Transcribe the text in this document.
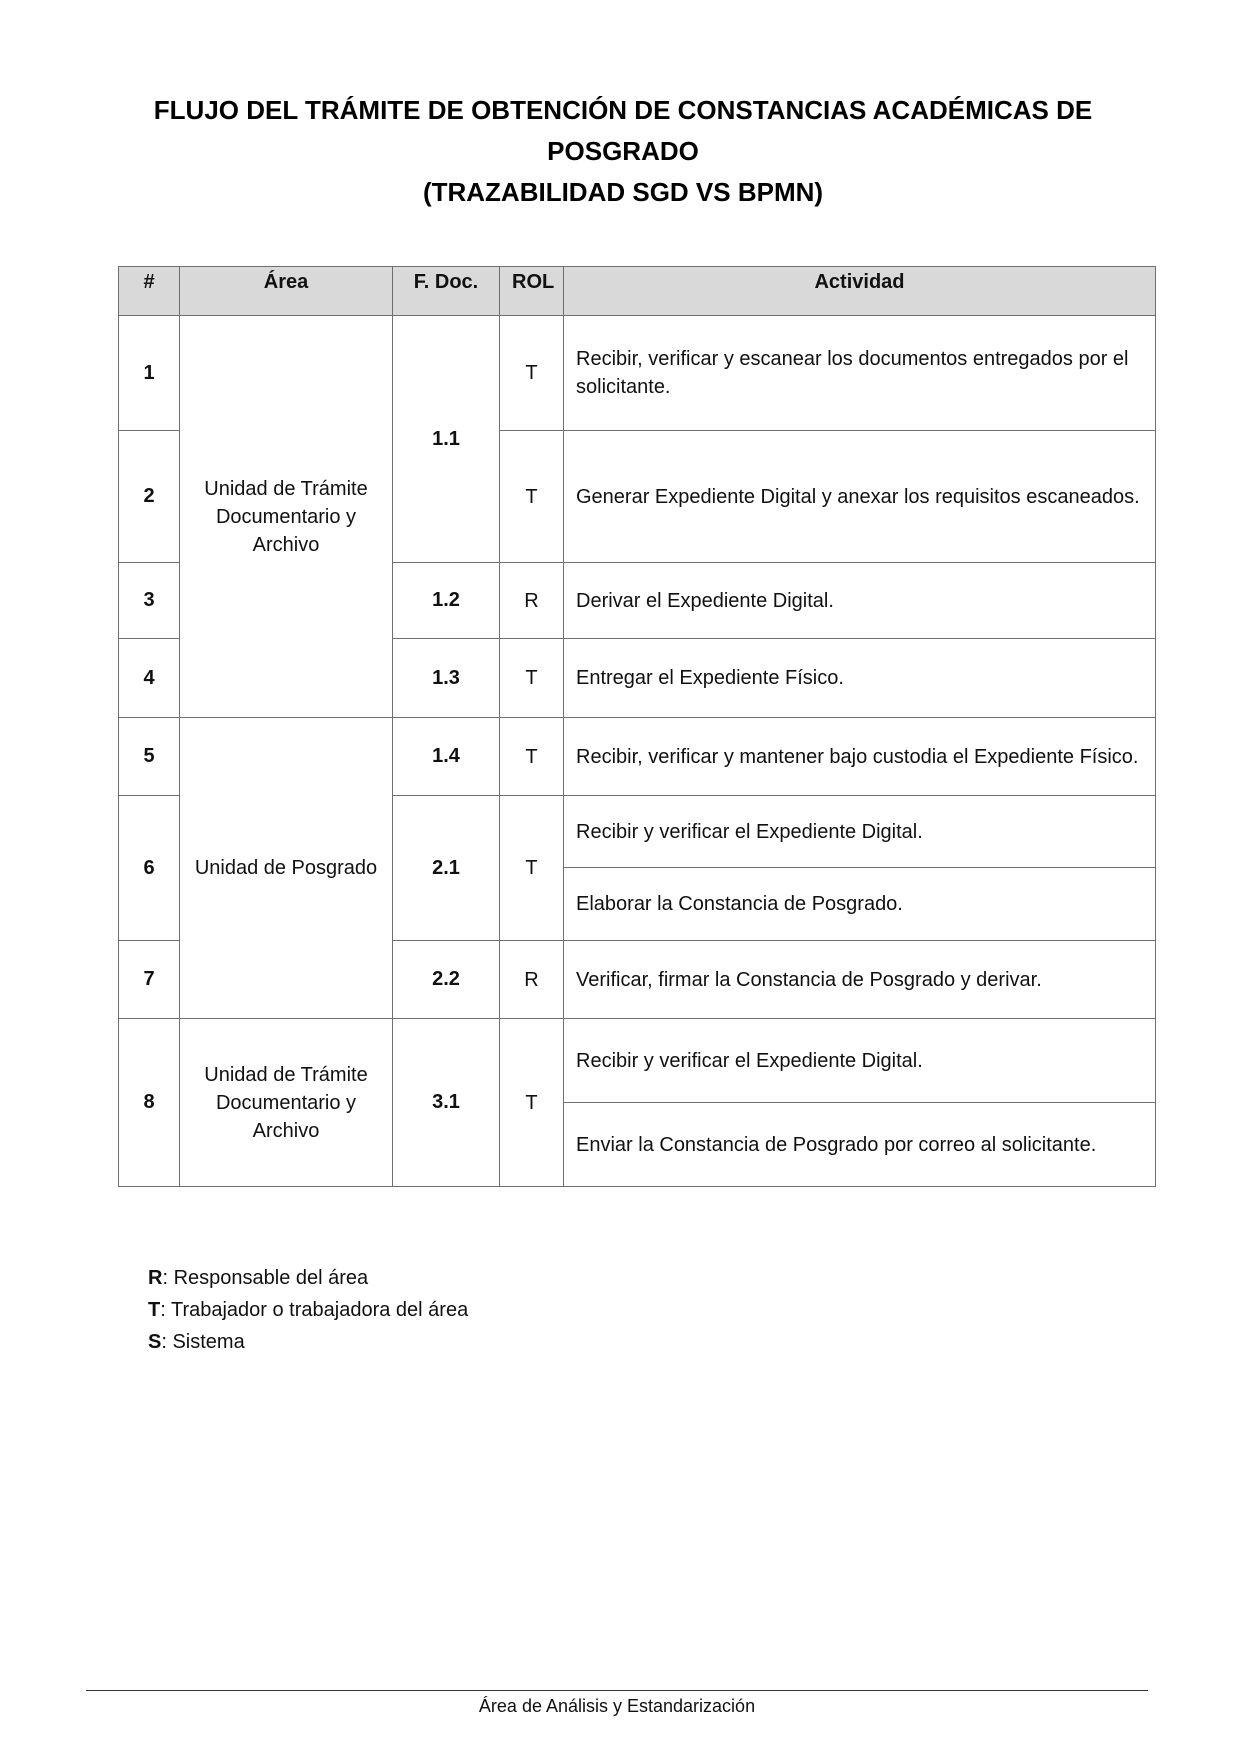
FLUJO DEL TRÁMITE DE OBTENCIÓN DE CONSTANCIAS ACADÉMICAS DE
POSGRADO
(TRAZABILIDAD SGD VS BPMN)
#	Área	F. Doc.	ROL	Actividad
1	Unidad de Trámite Documentario y Archivo	1.1	T	Recibir, verificar y escanear los documentos entregados por el solicitante.
2			T	Generar Expediente Digital y anexar los requisitos escaneados.
3		1.2	R	Derivar el Expediente Digital.
4		1.3	T	Entregar el Expediente Físico.
5	Unidad de Posgrado	1.4	T	Recibir, verificar y mantener bajo custodia el Expediente Físico.
6		2.1	T	Recibir y verificar el Expediente Digital.
				Elaborar la Constancia de Posgrado.
7		2.2	R	Verificar, firmar la Constancia de Posgrado y derivar.
8	Unidad de Trámite Documentario y Archivo	3.1	T	Recibir y verificar el Expediente Digital.
				Enviar la Constancia de Posgrado por correo al solicitante.
R: Responsable del área
T: Trabajador o trabajadora del área
S: Sistema
Área de Análisis y Estandarización
